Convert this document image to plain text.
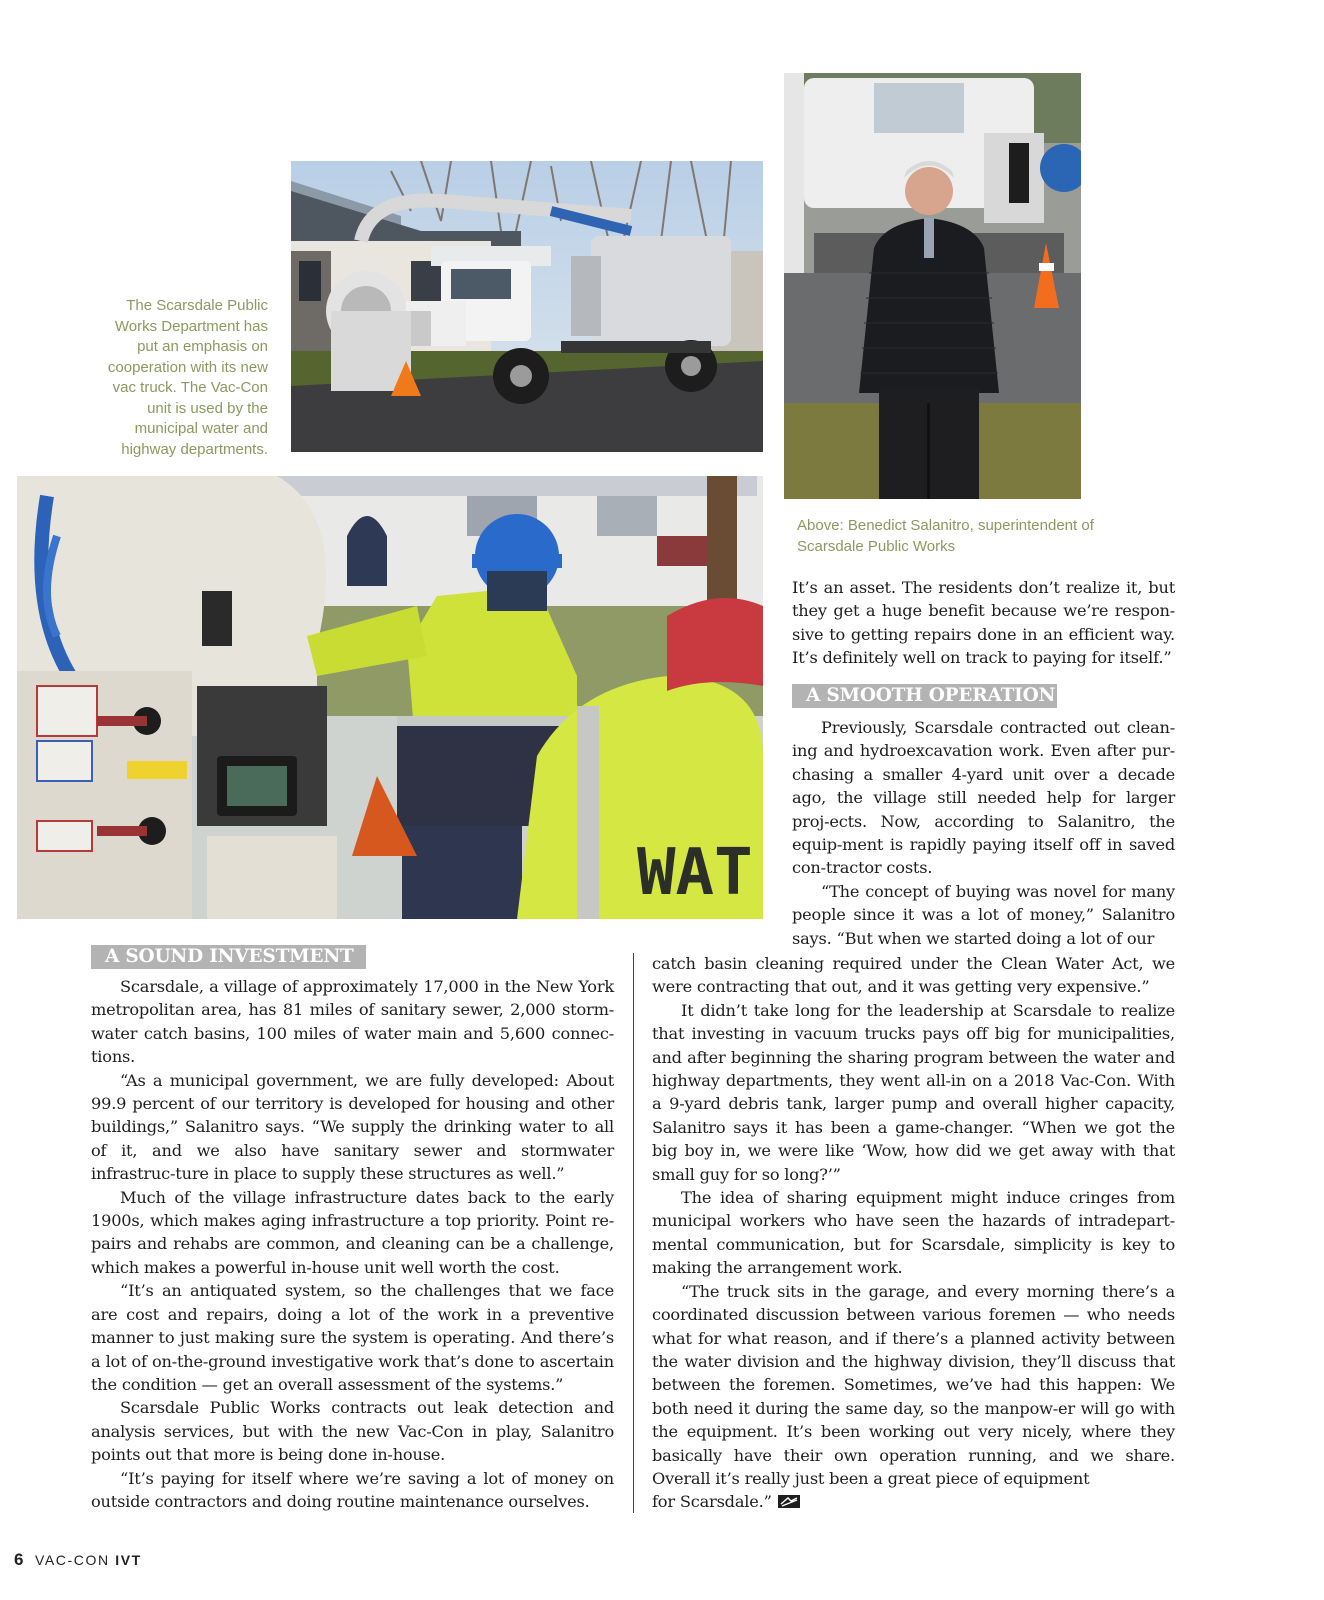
The Scarsdale Public Works Department has put an emphasis on cooperation with its new vac truck. The Vac-Con unit is used by the municipal water and highway departments.
Above: Benedict Salanitro, superintendent of Scarsdale Public Works
WAT

It’s an asset. The residents don’t realize it, but they get a huge benefit because we’re respon-sive to getting repairs done in an efficient way. It’s definitely well on track to paying for itself.”

A SMOOTH OPERATION

Previously, Scarsdale contracted out clean-ing and hydroexcavation work. Even after pur-chasing a smaller 4-yard unit over a decade ago, the village still needed help for larger proj-ects. Now, according to Salanitro, the equip-ment is rapidly paying itself off in saved con-tractor costs.

“The concept of buying was novel for many people since it was a lot of money,” Salanitro says. “But when we started doing a lot of our

A SOUND INVESTMENT

Scarsdale, a village of approximately 17,000 in the New York metropolitan area, has 81 miles of sanitary sewer, 2,000 storm-water catch basins, 100 miles of water main and 5,600 connec-tions.

“As a municipal government, we are fully developed: About 99.9 percent of our territory is developed for housing and other buildings,” Salanitro says. “We supply the drinking water to all of it, and we also have sanitary sewer and stormwater infrastruc-ture in place to supply these structures as well.”

Much of the village infrastructure dates back to the early 1900s, which makes aging infrastructure a top priority. Point re-pairs and rehabs are common, and cleaning can be a challenge, which makes a powerful in-house unit well worth the cost.

“It’s an antiquated system, so the challenges that we face are cost and repairs, doing a lot of the work in a preventive manner to just making sure the system is operating. And there’s a lot of on-the-ground investigative work that’s done to ascertain the condition — get an overall assessment of the systems.”

Scarsdale Public Works contracts out leak detection and analysis services, but with the new Vac-Con in play, Salanitro points out that more is being done in-house.

“It’s paying for itself where we’re saving a lot of money on outside contractors and doing routine maintenance ourselves.

catch basin cleaning required under the Clean Water Act, we were contracting that out, and it was getting very expensive.”

It didn’t take long for the leadership at Scarsdale to realize that investing in vacuum trucks pays off big for municipalities, and after beginning the sharing program between the water and highway departments, they went all-in on a 2018 Vac-Con. With a 9-yard debris tank, larger pump and overall higher capacity, Salanitro says it has been a game-changer. “When we got the big boy in, we were like ‘Wow, how did we get away with that small guy for so long?’”

The idea of sharing equipment might induce cringes from municipal workers who have seen the hazards of intradepart-mental communication, but for Scarsdale, simplicity is key to making the arrangement work.

“The truck sits in the garage, and every morning there’s a coordinated discussion between various foremen — who needs what for what reason, and if there’s a planned activity between the water division and the highway division, they’ll discuss that between the foremen. Sometimes, we’ve had this happen: We both need it during the same day, so the manpow-er will go with the equipment. It’s been working out very nicely, where they basically have their own operation running, and we share. Overall it’s really just been a great piece of equipment

for Scarsdale.”

6 VAC-CON IVT
